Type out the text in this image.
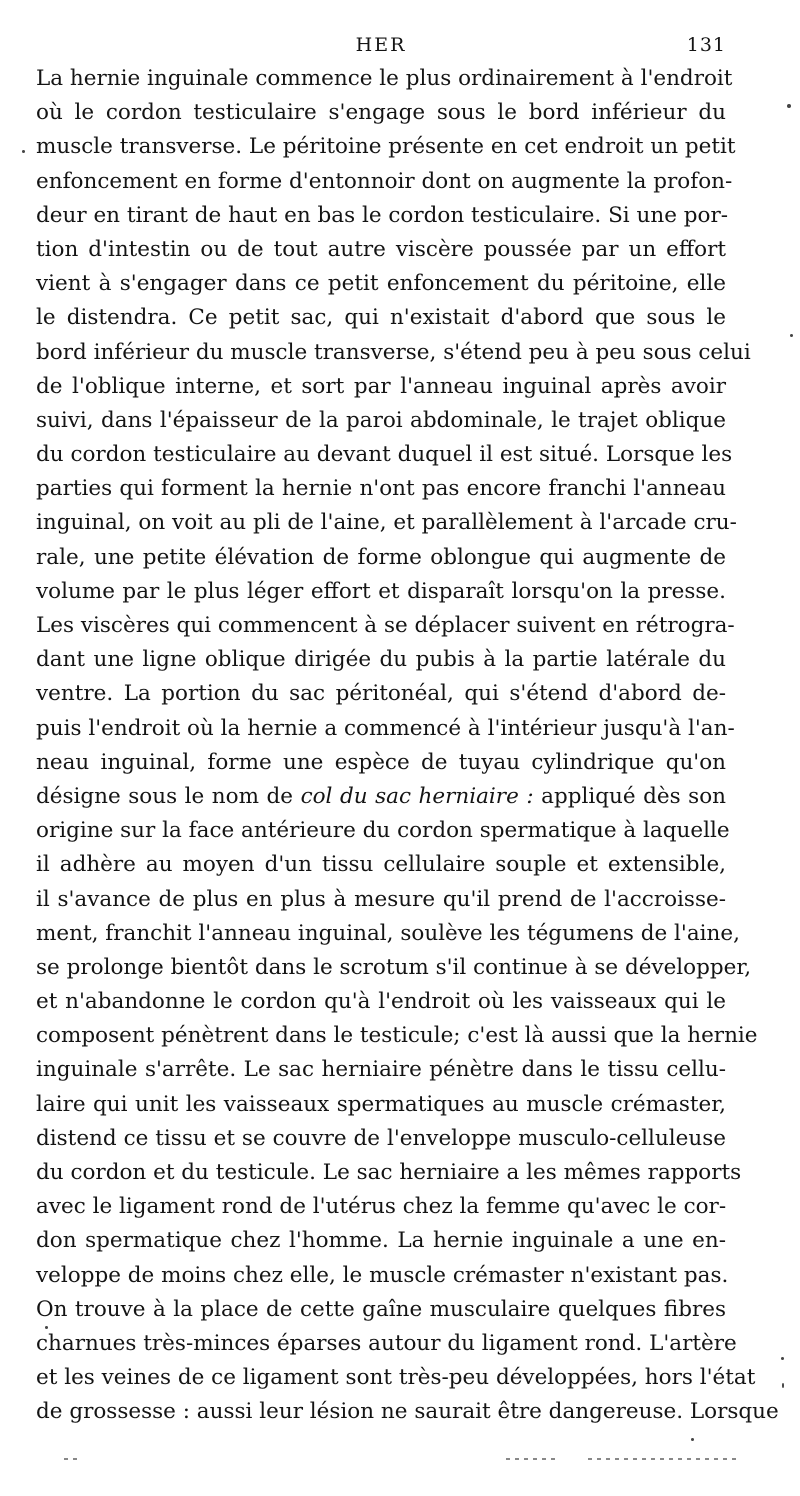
HER	131
La hernie inguinale commence le plus ordinairement à l'endroit
où le cordon testiculaire s'engage sous le bord inférieur du
muscle transverse. Le péritoine présente en cet endroit un petit
enfoncement en forme d'entonnoir dont on augmente la profon-
deur en tirant de haut en bas le cordon testiculaire. Si une por-
tion d'intestin ou de tout autre viscère poussée par un effort
vient à s'engager dans ce petit enfoncement du péritoine, elle
le distendra. Ce petit sac, qui n'existait d'abord que sous le
bord inférieur du muscle transverse, s'étend peu à peu sous celui
de l'oblique interne, et sort par l'anneau inguinal après avoir
suivi, dans l'épaisseur de la paroi abdominale, le trajet oblique
du cordon testiculaire au devant duquel il est situé. Lorsque les
parties qui forment la hernie n'ont pas encore franchi l'anneau
inguinal, on voit au pli de l'aine, et parallèlement à l'arcade cru-
rale, une petite élévation de forme oblongue qui augmente de
volume par le plus léger effort et disparaît lorsqu'on la presse.
Les viscères qui commencent à se déplacer suivent en rétrogra-
dant une ligne oblique dirigée du pubis à la partie latérale du
ventre. La portion du sac péritonéal, qui s'étend d'abord de-
puis l'endroit où la hernie a commencé à l'intérieur jusqu'à l'an-
neau inguinal, forme une espèce de tuyau cylindrique qu'on
désigne sous le nom de col du sac herniaire : appliqué dès son
origine sur la face antérieure du cordon spermatique à laquelle
il adhère au moyen d'un tissu cellulaire souple et extensible,
il s'avance de plus en plus à mesure qu'il prend de l'accroisse-
ment, franchit l'anneau inguinal, soulève les tégumens de l'aine,
se prolonge bientôt dans le scrotum s'il continue à se développer,
et n'abandonne le cordon qu'à l'endroit où les vaisseaux qui le
composent pénètrent dans le testicule; c'est là aussi que la hernie
inguinale s'arrête. Le sac herniaire pénètre dans le tissu cellu-
laire qui unit les vaisseaux spermatiques au muscle crémaster,
distend ce tissu et se couvre de l'enveloppe musculo-celluleuse
du cordon et du testicule. Le sac herniaire a les mêmes rapports
avec le ligament rond de l'utérus chez la femme qu'avec le cor-
don spermatique chez l'homme. La hernie inguinale a une en-
veloppe de moins chez elle, le muscle crémaster n'existant pas.
On trouve à la place de cette gaîne musculaire quelques fibres
charnues très-minces éparses autour du ligament rond. L'artère
et les veines de ce ligament sont très-peu développées, hors l'état
de grossesse : aussi leur lésion ne saurait être dangereuse. Lorsque
